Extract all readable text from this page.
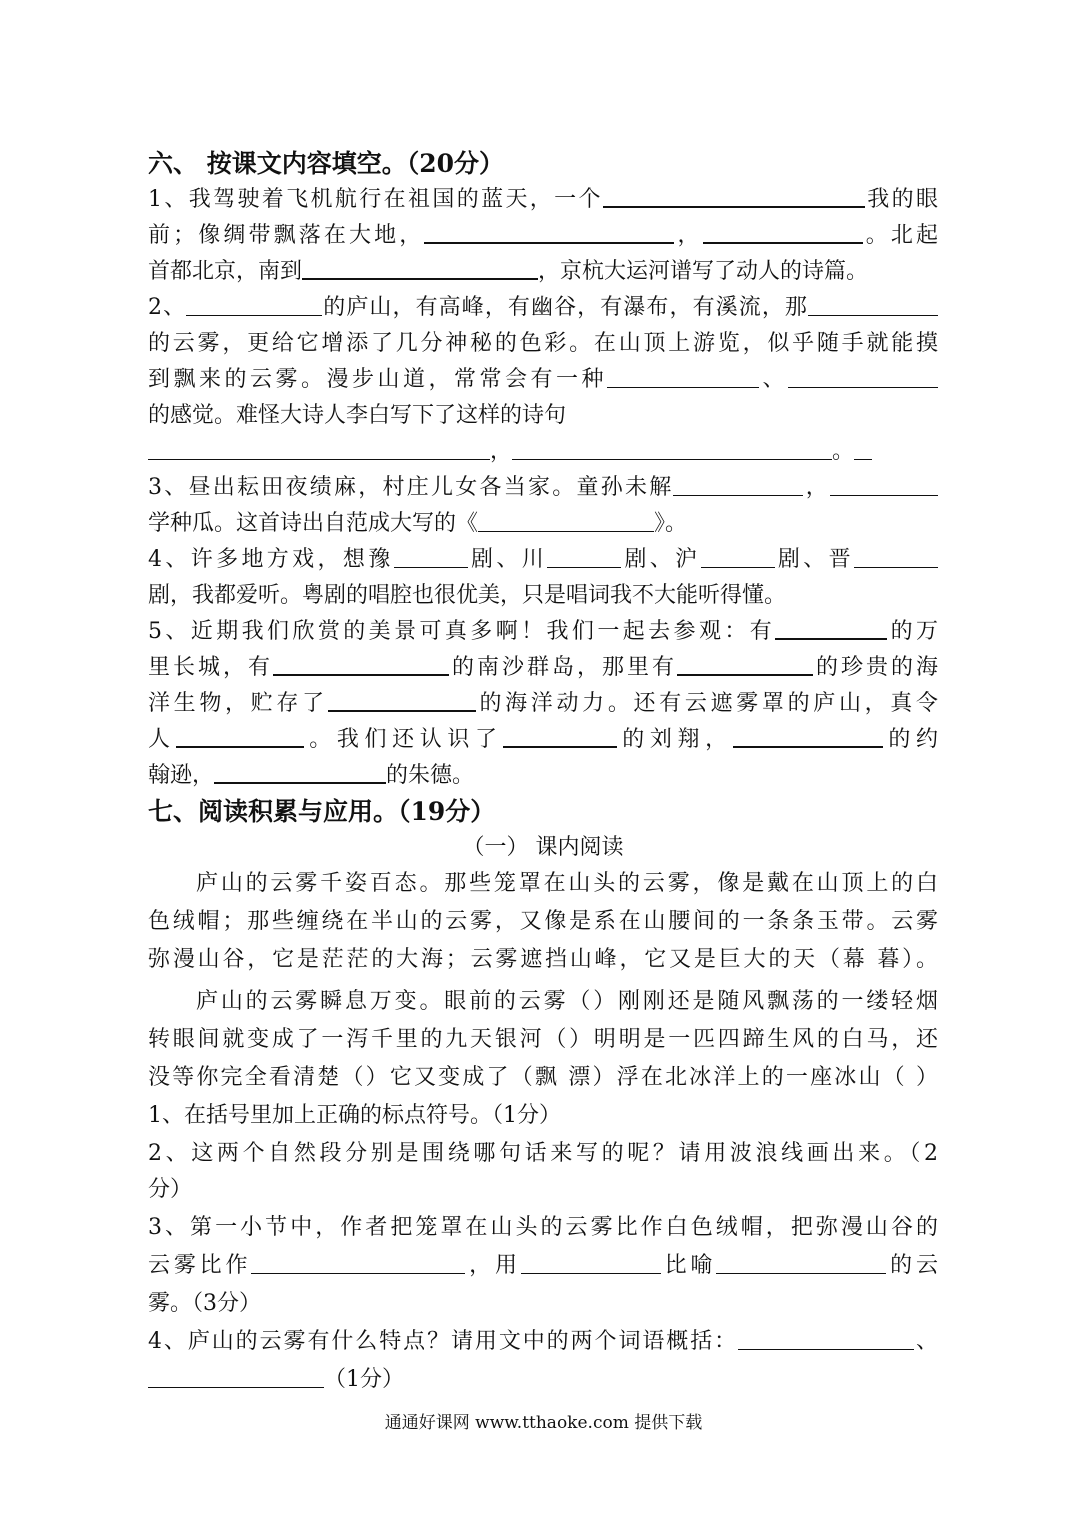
六、 按课文内容填空。（20分）
1、我驾驶着飞机航行在祖国的蓝天，一个	我的眼
前；像绸带飘落在大地，	，	。北起
首都北京，南到	，京杭大运河谱写了动人的诗篇。
2、	的庐山，有高峰，有幽谷，有瀑布，有溪流，那
的云雾，更给它增添了几分神秘的色彩。在山顶上游览，似乎随手就能摸
到飘来的云雾。漫步山道，常常会有一种	、
的感觉。难怪大诗人李白写下了这样的诗句
，	。
3、昼出耘田夜绩麻，村庄儿女各当家。童孙未解	，
学种瓜。这首诗出自范成大写的《	》。
4、许多地方戏，想豫	剧、川	剧、沪	剧、晋
剧，我都爱听。粤剧的唱腔也很优美，只是唱词我不大能听得懂。
5、近期我们欣赏的美景可真多啊！我们一起去参观：有	的万
里长城，有	的南沙群岛，那里有	的珍贵的海
洋生物，贮存了	的海洋动力。还有云遮雾罩的庐山，真令
人	。我们还认识了	的刘翔，	的约
翰逊，	的朱德。
七、阅读积累与应用。（19分）
（一） 课内阅读
庐山的云雾千姿百态。那些笼罩在山头的云雾，像是戴在山顶上的白
色绒帽；那些缠绕在半山的云雾，又像是系在山腰间的一条条玉带。云雾
弥漫山谷，它是茫茫的大海；云雾遮挡山峰，它又是巨大的天（幕 暮）。
庐山的云雾瞬息万变。眼前的云雾（）刚刚还是随风飘荡的一缕轻烟
转眼间就变成了一泻千里的九天银河（）明明是一匹四蹄生风的白马，还
没等你完全看清楚（）它又变成了（飘 漂）浮在北冰洋上的一座冰山（ ）
1、在括号里加上正确的标点符号。（1分）
2、这两个自然段分别是围绕哪句话来写的呢？请用波浪线画出来。（2
分）
3、第一小节中，作者把笼罩在山头的云雾比作白色绒帽，把弥漫山谷的
云雾比作	，用	比喻	的云
雾。（3分）
4、庐山的云雾有什么特点？请用文中的两个词语概括：	、
（1分）
通通好课网 www.tthaoke.com 提供下载
